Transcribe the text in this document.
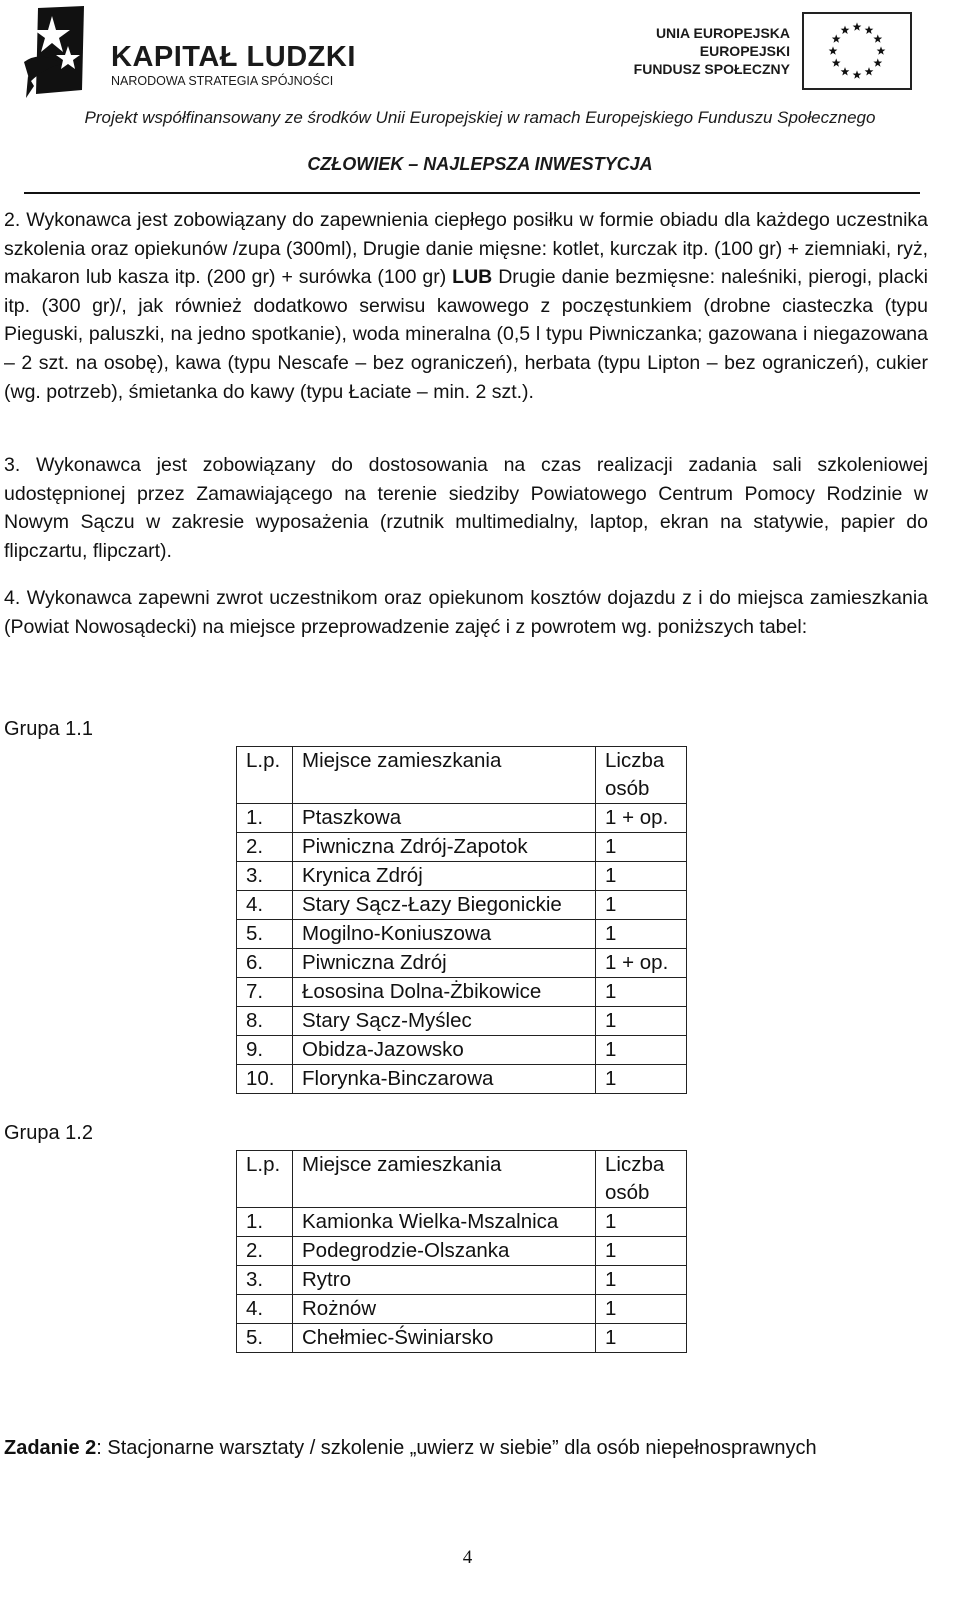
KAPITAŁ LUDZKI
NARODOWA STRATEGIA SPÓJNOŚCI
UNIA EUROPEJSKA
EUROPEJSKI
FUNDUSZ SPOŁECZNY
Projekt współfinansowany ze środków Unii Europejskiej w ramach Europejskiego Funduszu Społecznego
CZŁOWIEK – NAJLEPSZA INWESTYCJA

2. Wykonawca jest zobowiązany do zapewnienia ciepłego posiłku w formie obiadu dla każdego uczestnika szkolenia oraz opiekunów /zupa (300ml), Drugie danie mięsne: kotlet, kurczak itp. (100 gr) + ziemniaki, ryż, makaron lub kasza itp. (200 gr) + surówka (100 gr) LUB Drugie danie bezmięsne: naleśniki, pierogi, placki itp. (300 gr)/, jak również dodatkowo serwisu kawowego z poczęstunkiem (drobne ciasteczka (typu Pieguski, paluszki, na jedno spotkanie), woda mineralna (0,5 l typu Piwniczanka; gazowana i niegazowana – 2 szt. na osobę), kawa (typu Nescafe – bez ograniczeń), herbata (typu Lipton – bez ograniczeń), cukier (wg. potrzeb), śmietanka do kawy (typu Łaciate – min. 2 szt.).

3. Wykonawca jest zobowiązany do dostosowania na czas realizacji zadania sali szkoleniowej udostępnionej przez Zamawiającego na terenie siedziby Powiatowego Centrum Pomocy Rodzinie w Nowym Sączu w zakresie wyposażenia (rzutnik multimedialny, laptop, ekran na statywie, papier do flipczartu, flipczart).

4. Wykonawca zapewni zwrot uczestnikom oraz opiekunom kosztów dojazdu z i do miejsca zamieszkania (Powiat Nowosądecki) na miejsce przeprowadzenie zajęć i z powrotem wg. poniższych tabel:

Grupa 1.1
L.p.	Miejsce zamieszkania	Liczba
osób
1.	Ptaszkowa	1 + op.
2.	Piwniczna Zdrój-Zapotok	1
3.	Krynica Zdrój	1
4.	Stary Sącz-Łazy Biegonickie	1
5.	Mogilno-Koniuszowa	1
6.	Piwniczna Zdrój	1 + op.
7.	Łososina Dolna-Żbikowice	1
8.	Stary Sącz-Myślec	1
9.	Obidza-Jazowsko	1
10.	Florynka-Binczarowa	1
Grupa 1.2
L.p.	Miejsce zamieszkania	Liczba
osób
1.	Kamionka Wielka-Mszalnica	1
2.	Podegrodzie-Olszanka	1
3.	Rytro	1
4.	Rożnów	1
5.	Chełmiec-Świniarsko	1
Zadanie 2: Stacjonarne warsztaty / szkolenie „uwierz w siebie” dla osób niepełnosprawnych
4
